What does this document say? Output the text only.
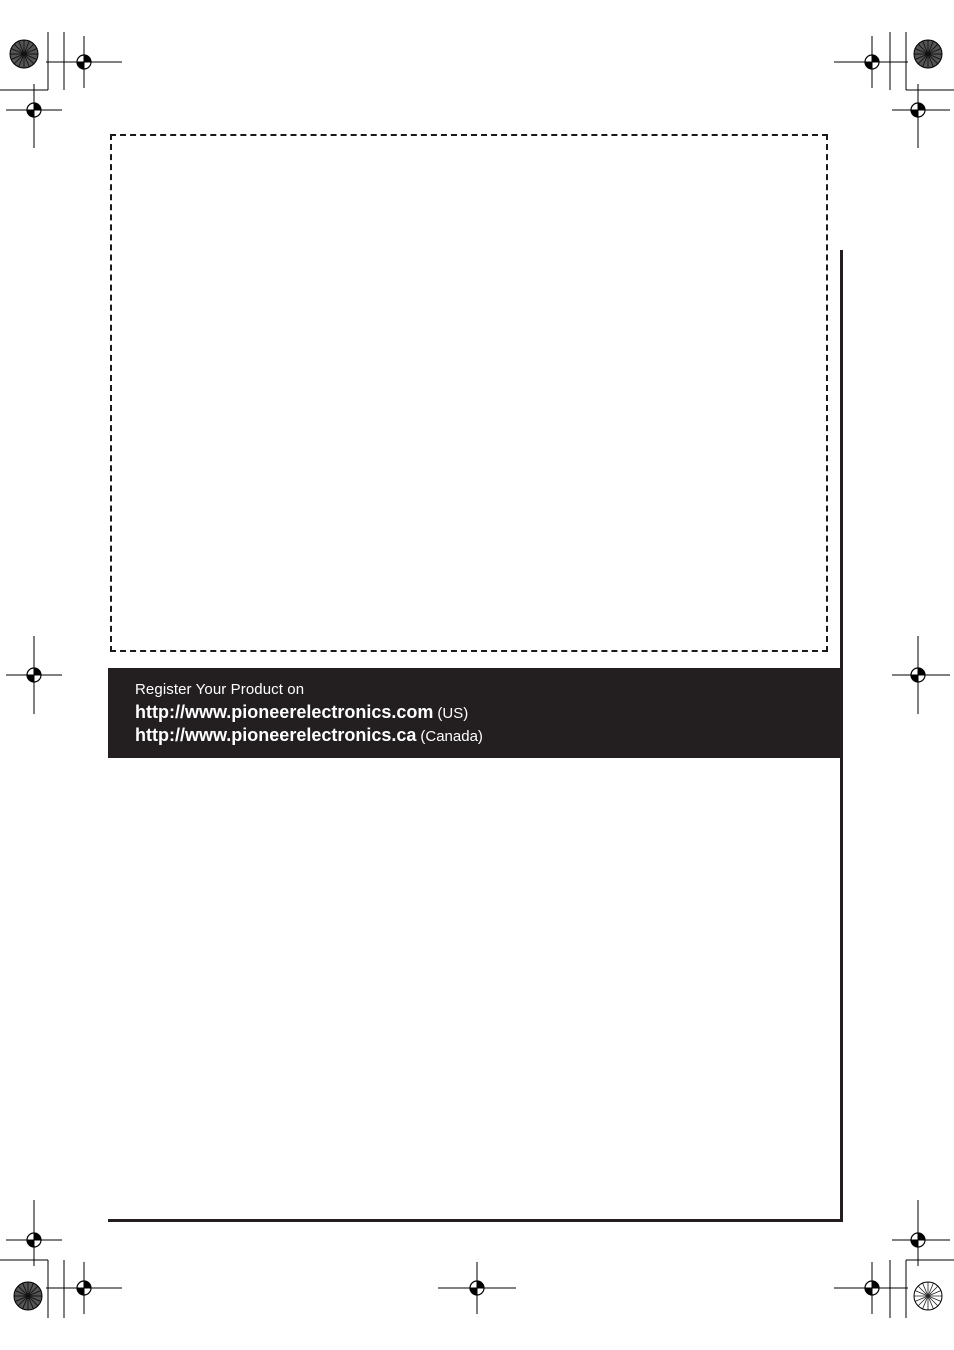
Register Your Product on
http://www.pioneerelectronics.com (US)
http://www.pioneerelectronics.ca (Canada)
